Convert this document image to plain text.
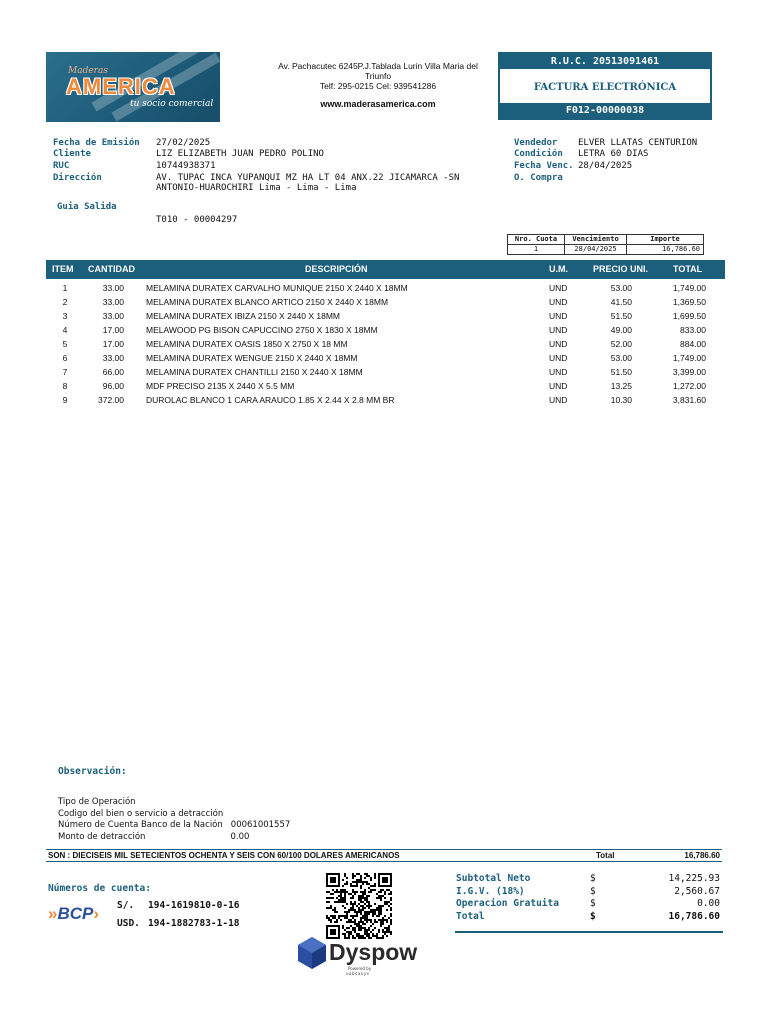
Maderas
AMERICA
tu socio comercial
Av. Pachacutec 6245P.J.Tablada Lurin Villa Maria del
Triunfo
Telf: 295-0215 Cel: 939541286
www.maderasamerica.com
R.U.C. 20513091461
FACTURA ELECTRÓNICA
F012-00000038
Fecha de Emisión 27/02/2025
Cliente	LIZ ELIZABETH JUAN PEDRO POLINO
RUC	10744938371
Dirección	AV. TUPAC INCA YUPANQUI MZ HA LT 04 ANX.22 JICAMARCA -SN
ANTONIO-HUAROCHIRI Lima - Lima - Lima
Guia Salida
T010 - 00004297
Vendedor ELVER LLATAS CENTURION
Condición LETRA 60 DIAS
Fecha Venc. 28/04/2025
O. Compra
Nro. Cuota	Vencimiento	Importe
1	28/04/2025	16,786.60
ITEM CANTIDAD	DESCRIPCIÓN	U.M.	PRECIO UNI.	TOTAL
1	33.00	MELAMINA DURATEX CARVALHO MUNIQUE 2150 X 2440 X 18MM	UND	53.00	1,749.00
2	33.00	MELAMINA DURATEX BLANCO ARTICO 2150 X 2440 X 18MM	UND	41.50	1,369.50
3	33.00	MELAMINA DURATEX IBIZA 2150 X 2440 X 18MM	UND	51.50	1,699.50
4	17.00	MELAWOOD PG BISON CAPUCCINO 2750 X 1830 X 18MM	UND	49.00	833.00
5	17.00	MELAMINA DURATEX OASIS 1850 X 2750 X 18 MM	UND	52.00	884.00
6	33.00	MELAMINA DURATEX WENGUE 2150 X 2440 X 18MM	UND	53.00	1,749.00
7	66.00	MELAMINA DURATEX CHANTILLI 2150 X 2440 X 18MM	UND	51.50	3,399.00
8	96.00	MDF PRECISO 2135 X 2440 X 5.5 MM	UND	13.25	1,272.00
9	372.00	DUROLAC BLANCO 1 CARA ARAUCO 1.85 X 2.44 X 2.8 MM BR	UND	10.30	3,831.60
Observación:
Tipo de Operación
Codigo del bien o servicio a detracción
Número de Cuenta Banco de la Nación 00061001557
Monto de detracción	0.00
SON : DIECISEIS MIL SETECIENTOS OCHENTA Y SEIS CON 60/100 DOLARES AMERICANOS	Total	16,786.60
Números de cuenta:
»BCP› S/. 194-1619810-0-16
USD. 194-1882783-1-18
Dyspow
Powered by
uabcanyx
Subtotal Neto	$	14,225.93
I.G.V. (18%)	$	2,560.67
Operacion Gratuita	$	0.00
Total	$	16,786.60
